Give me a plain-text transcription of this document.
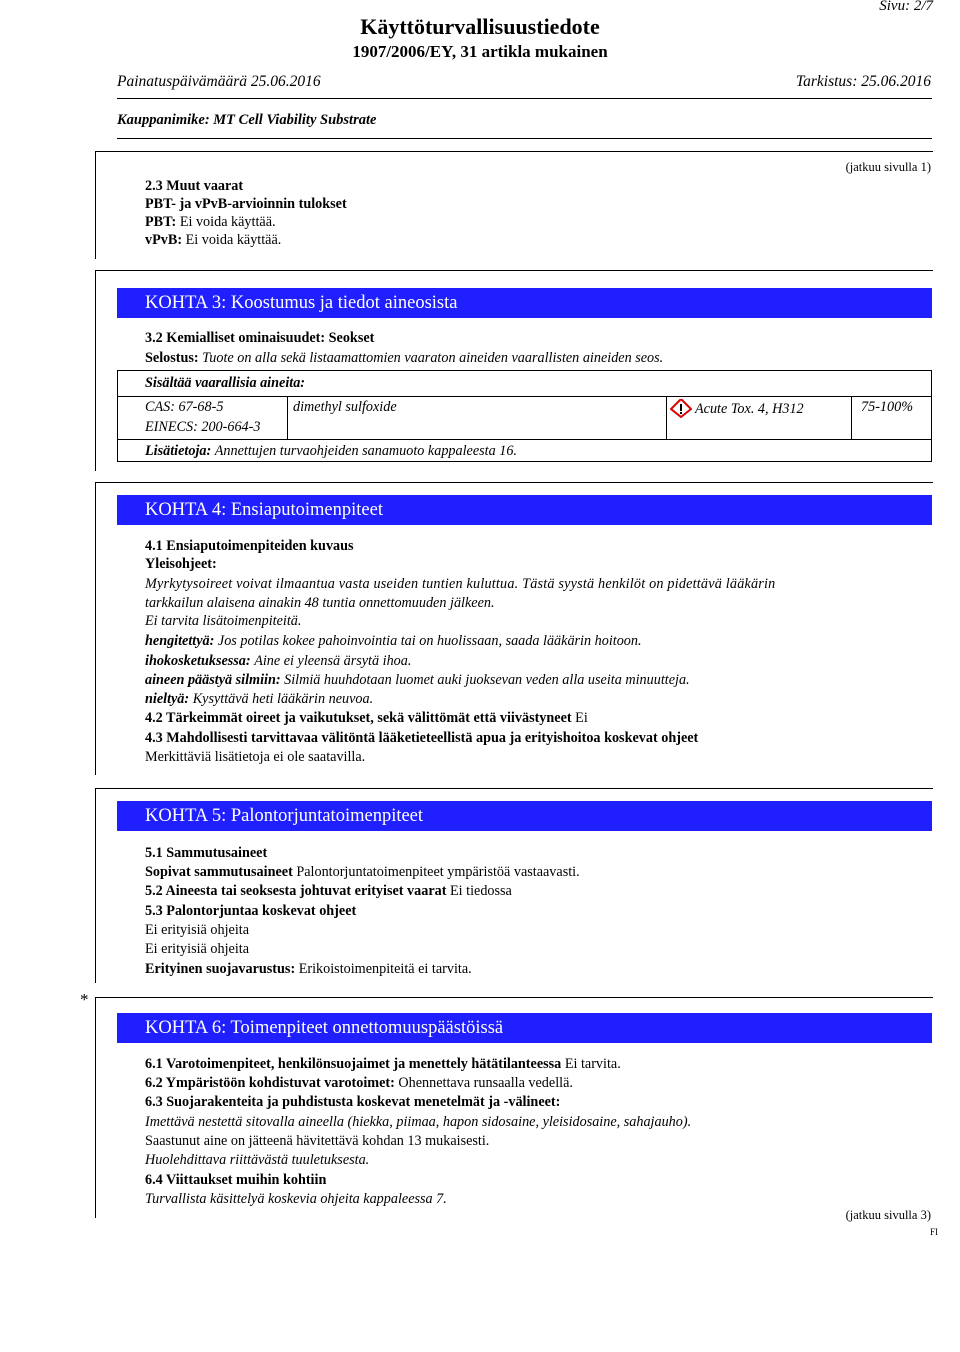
Sivu: 2/7
Käyttöturvallisuustiedote
1907/2006/EY, 31 artikla mukainen
Painatuspäivämäärä 25.06.2016	Tarkistus: 25.06.2016
Kauppanimike: MT Cell Viability Substrate
(jatkuu sivulla 1)
2.3 Muut vaarat
PBT- ja vPvB-arvioinnin tulokset
PBT: Ei voida käyttää.
vPvB: Ei voida käyttää.
KOHTA 3: Koostumus ja tiedot aineosista
3.2 Kemialliset ominaisuudet: Seokset
Selostus: Tuote on alla sekä listaamattomien vaaraton aineiden vaarallisten aineiden seos.
Sisältää vaarallisia aineita:
CAS: 67-68-5
EINECS: 200-664-3
dimethyl sulfoxide	Acute Tox. 4, H312	75-100%
Lisätietoja: Annettujen turvaohjeiden sanamuoto kappaleesta 16.
KOHTA 4: Ensiaputoimenpiteet
4.1 Ensiaputoimenpiteiden kuvaus
Yleisohjeet:
Myrkytysoireet voivat ilmaantua vasta useiden tuntien kuluttua. Tästä syystä henkilöt on pidettävä lääkärin
tarkkailun alaisena ainakin 48 tuntia onnettomuuden jälkeen.
Ei tarvita lisätoimenpiteitä.
hengitettyä: Jos potilas kokee pahoinvointia tai on huolissaan, saada lääkärin hoitoon.
ihokosketuksessa: Aine ei yleensä ärsytä ihoa.
aineen päästyä silmiin: Silmiä huuhdotaan luomet auki juoksevan veden alla useita minuutteja.
nieltyä: Kysyttävä heti lääkärin neuvoa.
4.2 Tärkeimmät oireet ja vaikutukset, sekä välittömät että viivästyneet Ei
4.3 Mahdollisesti tarvittavaa välitöntä lääketieteellistä apua ja erityishoitoa koskevat ohjeet
Merkittäviä lisätietoja ei ole saatavilla.
KOHTA 5: Palontorjuntatoimenpiteet
5.1 Sammutusaineet
Sopivat sammutusaineet Palontorjuntatoimenpiteet ympäristöä vastaavasti.
5.2 Aineesta tai seoksesta johtuvat erityiset vaarat Ei tiedossa
5.3 Palontorjuntaa koskevat ohjeet
Ei erityisiä ohjeita
Ei erityisiä ohjeita
Erityinen suojavarustus: Erikoistoimenpiteitä ei tarvita.
*
KOHTA 6: Toimenpiteet onnettomuuspäästöissä
6.1 Varotoimenpiteet, henkilönsuojaimet ja menettely hätätilanteessa Ei tarvita.
6.2 Ympäristöön kohdistuvat varotoimet: Ohennettava runsaalla vedellä.
6.3 Suojarakenteita ja puhdistusta koskevat menetelmät ja -välineet:
Imettävä nestettä sitovalla aineella (hiekka, piimaa, hapon sidosaine, yleisidosaine, sahajauho).
Saastunut aine on jätteenä hävitettävä kohdan 13 mukaisesti.
Huolehdittava riittävästä tuuletuksesta.
6.4 Viittaukset muihin kohtiin
Turvallista käsittelyä koskevia ohjeita kappaleessa 7.
(jatkuu sivulla 3)
FI
